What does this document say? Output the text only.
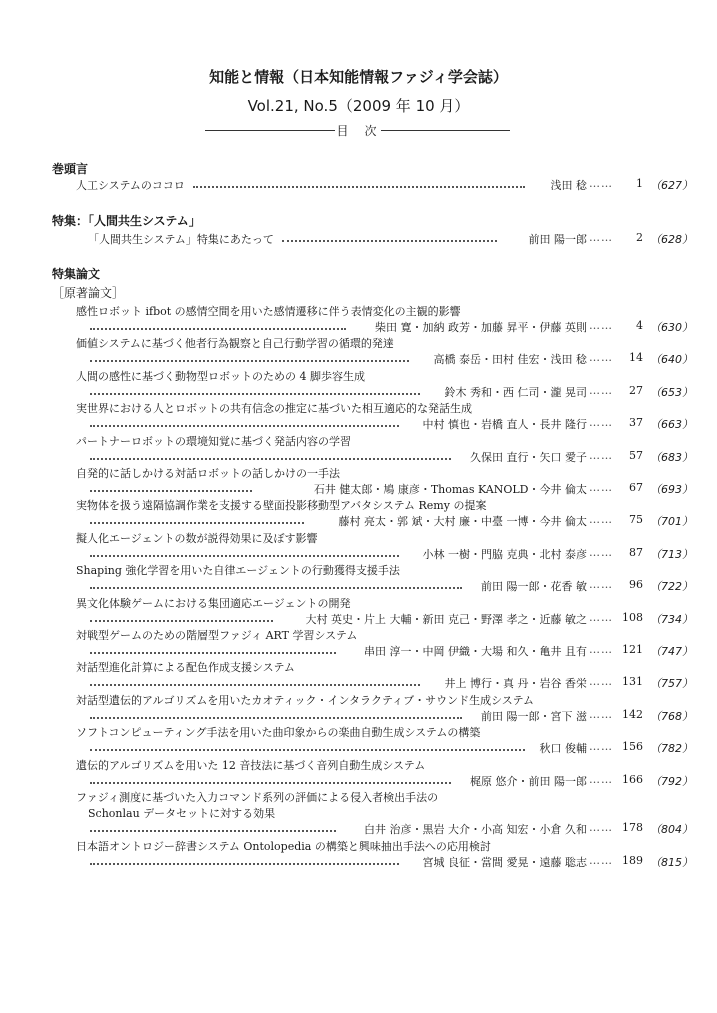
知能と情報（日本知能情報ファジィ学会誌）
Vol.21, No.5（2009 年 10 月）
目次
巻頭言
特集：「人間共生システム」
特集論文
［原著論文］
人工システムのココロ	浅田 稔 …… 1 （627）
「人間共生システム」特集にあたって	前田 陽一郎 …… 2 （628）
感性ロボット ifbot の感情空間を用いた感情遷移に伴う表情変化の主観的影響
柴田 寛・加納 政芳・加藤 昇平・伊藤 英則 …… 4 （630）
価値システムに基づく他者行為観察と自己行動学習の循環的発達
高橋 泰岳・田村 佳宏・浅田 稔 …… 14 （640）
人間の感性に基づく動物型ロボットのための 4 脚歩容生成
鈴木 秀和・西 仁司・瀧 晃司 …… 27 （653）
実世界における人とロボットの共有信念の推定に基づいた相互適応的な発話生成
中村 慎也・岩橋 直人・長井 隆行 …… 37 （663）
パートナーロボットの環境知覚に基づく発話内容の学習
久保田 直行・矢口 愛子 …… 57 （683）
自発的に話しかける対話ロボットの話しかけの一手法
石井 健太郎・鳩 康彦・Thomas KANOLD・今井 倫太 …… 67 （693）
実物体を扱う遠隔協調作業を支援する壁面投影移動型アバタシステム Remy の提案
藤村 亮太・郭 斌・大村 廉・中臺 一博・今井 倫太 …… 75 （701）
擬人化エージェントの数が説得効果に及ぼす影響
小林 一樹・門脇 克典・北村 泰彦 …… 87 （713）
Shaping 強化学習を用いた自律エージェントの行動獲得支援手法
前田 陽一郎・花香 敏 …… 96 （722）
異文化体験ゲームにおける集団適応エージェントの開発
大村 英史・片上 大輔・新田 克己・野澤 孝之・近藤 敏之 …… 108 （734）
対戦型ゲームのための階層型ファジィ ART 学習システム
串田 淳一・中岡 伊織・大場 和久・亀井 且有 …… 121 （747）
対話型進化計算による配色作成支援システム
井上 博行・真 丹・岩谷 香栄 …… 131 （757）
対話型遺伝的アルゴリズムを用いたカオティック・インタラクティブ・サウンド生成システム
前田 陽一郎・宮下 滋 …… 142 （768）
ソフトコンピューティング手法を用いた曲印象からの楽曲自動生成システムの構築
秋口 俊輔 …… 156 （782）
遺伝的アルゴリズムを用いた 12 音技法に基づく音列自動生成システム
梶原 悠介・前田 陽一郎 …… 166 （792）
ファジィ測度に基づいた入力コマンド系列の評価による侵入者検出手法の
Schonlau データセットに対する効果
白井 治彦・黒岩 大介・小高 知宏・小倉 久和 …… 178 （804）
日本語オントロジー辞書システム Ontolopedia の構築と興味抽出手法への応用検討
宮城 良征・當間 愛晃・遠藤 聡志 …… 189 （815）
